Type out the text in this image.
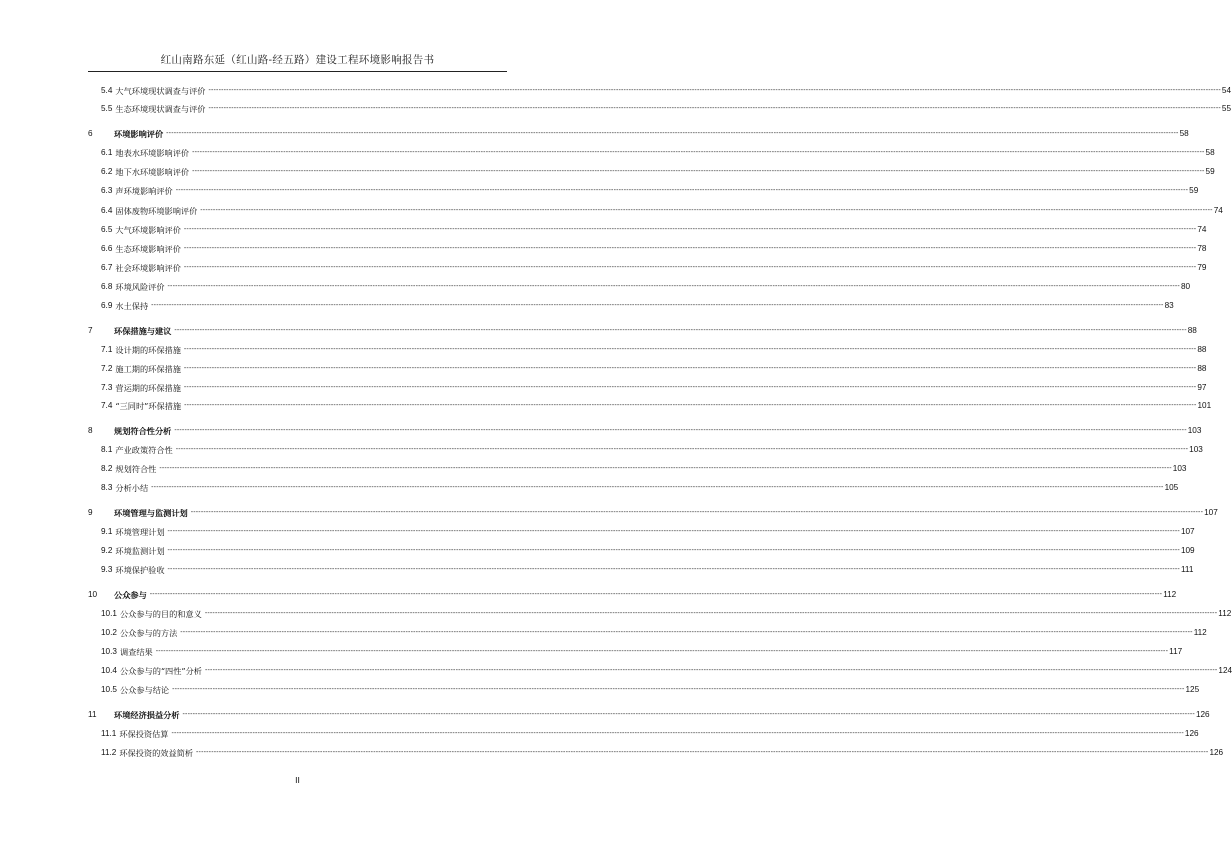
红山南路东延（红山路-经五路）建设工程环境影响报告书
5.4 大气环境现状调查与评价 ---------------------------------------------------------------------------------------------------------------------------------------------------------------------------------------------------------------------------------------------------------------------------------------------------------------------------------------------------------------------------------------------------------------- 54
5.5 生态环境现状调查与评价 ---------------------------------------------------------------------------------------------------------------------------------------------------------------------------------------------------------------------------------------------------------------------------------------------------------------------------------------------------------------------------------------------------------------- 55
6	环境影响评价 ---------------------------------------------------------------------------------------------------------------------------------------------------------------------------------------------------------------------------------------------------------------------------------------------------------------------------------------------------------------------------------------------------------------- 58
6.1 地表水环境影响评价 ---------------------------------------------------------------------------------------------------------------------------------------------------------------------------------------------------------------------------------------------------------------------------------------------------------------------------------------------------------------------------------------------------------------- 58
6.2 地下水环境影响评价 ---------------------------------------------------------------------------------------------------------------------------------------------------------------------------------------------------------------------------------------------------------------------------------------------------------------------------------------------------------------------------------------------------------------- 59
6.3 声环境影响评价 ---------------------------------------------------------------------------------------------------------------------------------------------------------------------------------------------------------------------------------------------------------------------------------------------------------------------------------------------------------------------------------------------------------------- 59
6.4 固体废物环境影响评价 ---------------------------------------------------------------------------------------------------------------------------------------------------------------------------------------------------------------------------------------------------------------------------------------------------------------------------------------------------------------------------------------------------------------- 74
6.5 大气环境影响评价 ---------------------------------------------------------------------------------------------------------------------------------------------------------------------------------------------------------------------------------------------------------------------------------------------------------------------------------------------------------------------------------------------------------------- 74
6.6 生态环境影响评价 ---------------------------------------------------------------------------------------------------------------------------------------------------------------------------------------------------------------------------------------------------------------------------------------------------------------------------------------------------------------------------------------------------------------- 78
6.7 社会环境影响评价 ---------------------------------------------------------------------------------------------------------------------------------------------------------------------------------------------------------------------------------------------------------------------------------------------------------------------------------------------------------------------------------------------------------------- 79
6.8 环境风险评价 ---------------------------------------------------------------------------------------------------------------------------------------------------------------------------------------------------------------------------------------------------------------------------------------------------------------------------------------------------------------------------------------------------------------- 80
6.9 水土保持 ---------------------------------------------------------------------------------------------------------------------------------------------------------------------------------------------------------------------------------------------------------------------------------------------------------------------------------------------------------------------------------------------------------------- 83
7	环保措施与建议 ---------------------------------------------------------------------------------------------------------------------------------------------------------------------------------------------------------------------------------------------------------------------------------------------------------------------------------------------------------------------------------------------------------------- 88
7.1 设计期的环保措施 ---------------------------------------------------------------------------------------------------------------------------------------------------------------------------------------------------------------------------------------------------------------------------------------------------------------------------------------------------------------------------------------------------------------- 88
7.2 施工期的环保措施 ---------------------------------------------------------------------------------------------------------------------------------------------------------------------------------------------------------------------------------------------------------------------------------------------------------------------------------------------------------------------------------------------------------------- 88
7.3 营运期的环保措施 ---------------------------------------------------------------------------------------------------------------------------------------------------------------------------------------------------------------------------------------------------------------------------------------------------------------------------------------------------------------------------------------------------------------- 97
7.4 “三同时”环保措施 ---------------------------------------------------------------------------------------------------------------------------------------------------------------------------------------------------------------------------------------------------------------------------------------------------------------------------------------------------------------------------------------------------------------- 101
8	规划符合性分析 ---------------------------------------------------------------------------------------------------------------------------------------------------------------------------------------------------------------------------------------------------------------------------------------------------------------------------------------------------------------------------------------------------------------- 103
8.1 产业政策符合性 ---------------------------------------------------------------------------------------------------------------------------------------------------------------------------------------------------------------------------------------------------------------------------------------------------------------------------------------------------------------------------------------------------------------- 103
8.2 规划符合性 ---------------------------------------------------------------------------------------------------------------------------------------------------------------------------------------------------------------------------------------------------------------------------------------------------------------------------------------------------------------------------------------------------------------- 103
8.3 分析小结 ---------------------------------------------------------------------------------------------------------------------------------------------------------------------------------------------------------------------------------------------------------------------------------------------------------------------------------------------------------------------------------------------------------------- 105
9	环境管理与监测计划 ---------------------------------------------------------------------------------------------------------------------------------------------------------------------------------------------------------------------------------------------------------------------------------------------------------------------------------------------------------------------------------------------------------------- 107
9.1 环境管理计划 ---------------------------------------------------------------------------------------------------------------------------------------------------------------------------------------------------------------------------------------------------------------------------------------------------------------------------------------------------------------------------------------------------------------- 107
9.2 环境监测计划 ---------------------------------------------------------------------------------------------------------------------------------------------------------------------------------------------------------------------------------------------------------------------------------------------------------------------------------------------------------------------------------------------------------------- 109
9.3 环境保护验收 ---------------------------------------------------------------------------------------------------------------------------------------------------------------------------------------------------------------------------------------------------------------------------------------------------------------------------------------------------------------------------------------------------------------- 111
10	公众参与 ---------------------------------------------------------------------------------------------------------------------------------------------------------------------------------------------------------------------------------------------------------------------------------------------------------------------------------------------------------------------------------------------------------------- 112
10.1 公众参与的目的和意义 ---------------------------------------------------------------------------------------------------------------------------------------------------------------------------------------------------------------------------------------------------------------------------------------------------------------------------------------------------------------------------------------------------------------- 112
10.2 公众参与的方法 ---------------------------------------------------------------------------------------------------------------------------------------------------------------------------------------------------------------------------------------------------------------------------------------------------------------------------------------------------------------------------------------------------------------- 112
10.3 调查结果 ---------------------------------------------------------------------------------------------------------------------------------------------------------------------------------------------------------------------------------------------------------------------------------------------------------------------------------------------------------------------------------------------------------------- 117
10.4 公众参与的“四性”分析 ---------------------------------------------------------------------------------------------------------------------------------------------------------------------------------------------------------------------------------------------------------------------------------------------------------------------------------------------------------------------------------------------------------------- 124
10.5 公众参与结论 ---------------------------------------------------------------------------------------------------------------------------------------------------------------------------------------------------------------------------------------------------------------------------------------------------------------------------------------------------------------------------------------------------------------- 125
11	环境经济损益分析 ---------------------------------------------------------------------------------------------------------------------------------------------------------------------------------------------------------------------------------------------------------------------------------------------------------------------------------------------------------------------------------------------------------------- 126
11.1 环保投资估算 ---------------------------------------------------------------------------------------------------------------------------------------------------------------------------------------------------------------------------------------------------------------------------------------------------------------------------------------------------------------------------------------------------------------- 126
11.2 环保投资的效益简析 ---------------------------------------------------------------------------------------------------------------------------------------------------------------------------------------------------------------------------------------------------------------------------------------------------------------------------------------------------------------------------------------------------------------- 126
II
